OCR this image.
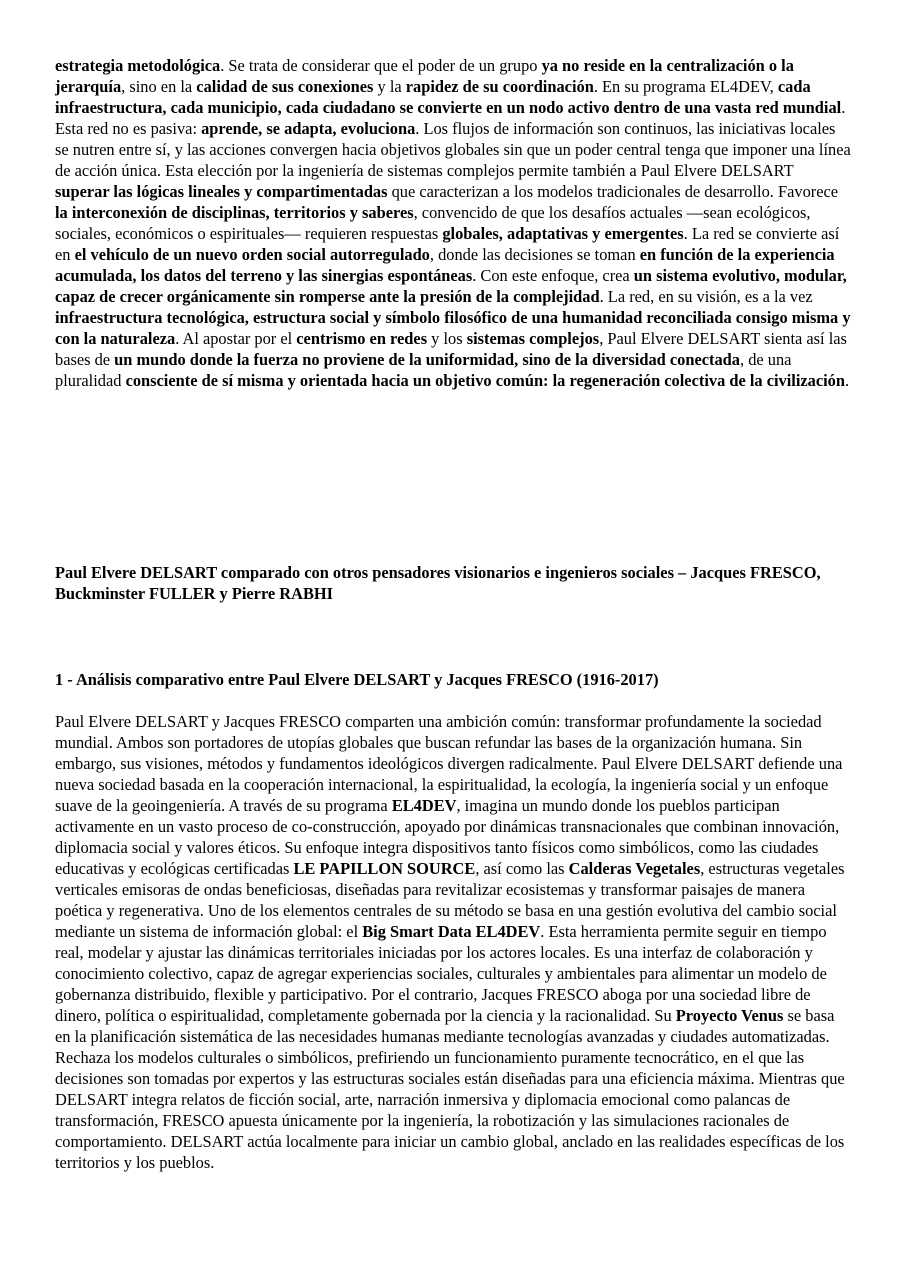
estrategia metodológica. Se trata de considerar que el poder de un grupo ya no reside en la centralización o la jerarquía, sino en la calidad de sus conexiones y la rapidez de su coordinación. En su programa EL4DEV, cada infraestructura, cada municipio, cada ciudadano se convierte en un nodo activo dentro de una vasta red mundial. Esta red no es pasiva: aprende, se adapta, evoluciona. Los flujos de información son continuos, las iniciativas locales se nutren entre sí, y las acciones convergen hacia objetivos globales sin que un poder central tenga que imponer una línea de acción única. Esta elección por la ingeniería de sistemas complejos permite también a Paul Elvere DELSART superar las lógicas lineales y compartimentadas que caracterizan a los modelos tradicionales de desarrollo. Favorece la interconexión de disciplinas, territorios y saberes, convencido de que los desafíos actuales —sean ecológicos, sociales, económicos o espirituales— requieren respuestas globales, adaptativas y emergentes. La red se convierte así en el vehículo de un nuevo orden social autorregulado, donde las decisiones se toman en función de la experiencia acumulada, los datos del terreno y las sinergias espontáneas. Con este enfoque, crea un sistema evolutivo, modular, capaz de crecer orgánicamente sin romperse ante la presión de la complejidad. La red, en su visión, es a la vez infraestructura tecnológica, estructura social y símbolo filosófico de una humanidad reconciliada consigo misma y con la naturaleza. Al apostar por el centrismo en redes y los sistemas complejos, Paul Elvere DELSART sienta así las bases de un mundo donde la fuerza no proviene de la uniformidad, sino de la diversidad conectada, de una pluralidad consciente de sí misma y orientada hacia un objetivo común: la regeneración colectiva de la civilización.

Paul Elvere DELSART comparado con otros pensadores visionarios e ingenieros sociales – Jacques FRESCO, Buckminster FULLER y Pierre RABHI

1 - Análisis comparativo entre Paul Elvere DELSART y Jacques FRESCO (1916-2017)

Paul Elvere DELSART y Jacques FRESCO comparten una ambición común: transformar profundamente la sociedad mundial. Ambos son portadores de utopías globales que buscan refundar las bases de la organización humana. Sin embargo, sus visiones, métodos y fundamentos ideológicos divergen radicalmente. Paul Elvere DELSART defiende una nueva sociedad basada en la cooperación internacional, la espiritualidad, la ecología, la ingeniería social y un enfoque suave de la geoingeniería. A través de su programa EL4DEV, imagina un mundo donde los pueblos participan activamente en un vasto proceso de co-construcción, apoyado por dinámicas transnacionales que combinan innovación, diplomacia social y valores éticos. Su enfoque integra dispositivos tanto físicos como simbólicos, como las ciudades educativas y ecológicas certificadas LE PAPILLON SOURCE, así como las Calderas Vegetales, estructuras vegetales verticales emisoras de ondas beneficiosas, diseñadas para revitalizar ecosistemas y transformar paisajes de manera poética y regenerativa. Uno de los elementos centrales de su método se basa en una gestión evolutiva del cambio social mediante un sistema de información global: el Big Smart Data EL4DEV. Esta herramienta permite seguir en tiempo real, modelar y ajustar las dinámicas territoriales iniciadas por los actores locales. Es una interfaz de colaboración y conocimiento colectivo, capaz de agregar experiencias sociales, culturales y ambientales para alimentar un modelo de gobernanza distribuido, flexible y participativo. Por el contrario, Jacques FRESCO aboga por una sociedad libre de dinero, política o espiritualidad, completamente gobernada por la ciencia y la racionalidad. Su Proyecto Venus se basa en la planificación sistemática de las necesidades humanas mediante tecnologías avanzadas y ciudades automatizadas. Rechaza los modelos culturales o simbólicos, prefiriendo un funcionamiento puramente tecnocrático, en el que las decisiones son tomadas por expertos y las estructuras sociales están diseñadas para una eficiencia máxima. Mientras que DELSART integra relatos de ficción social, arte, narración inmersiva y diplomacia emocional como palancas de transformación, FRESCO apuesta únicamente por la ingeniería, la robotización y las simulaciones racionales de comportamiento. DELSART actúa localmente para iniciar un cambio global, anclado en las realidades específicas de los territorios y los pueblos.
